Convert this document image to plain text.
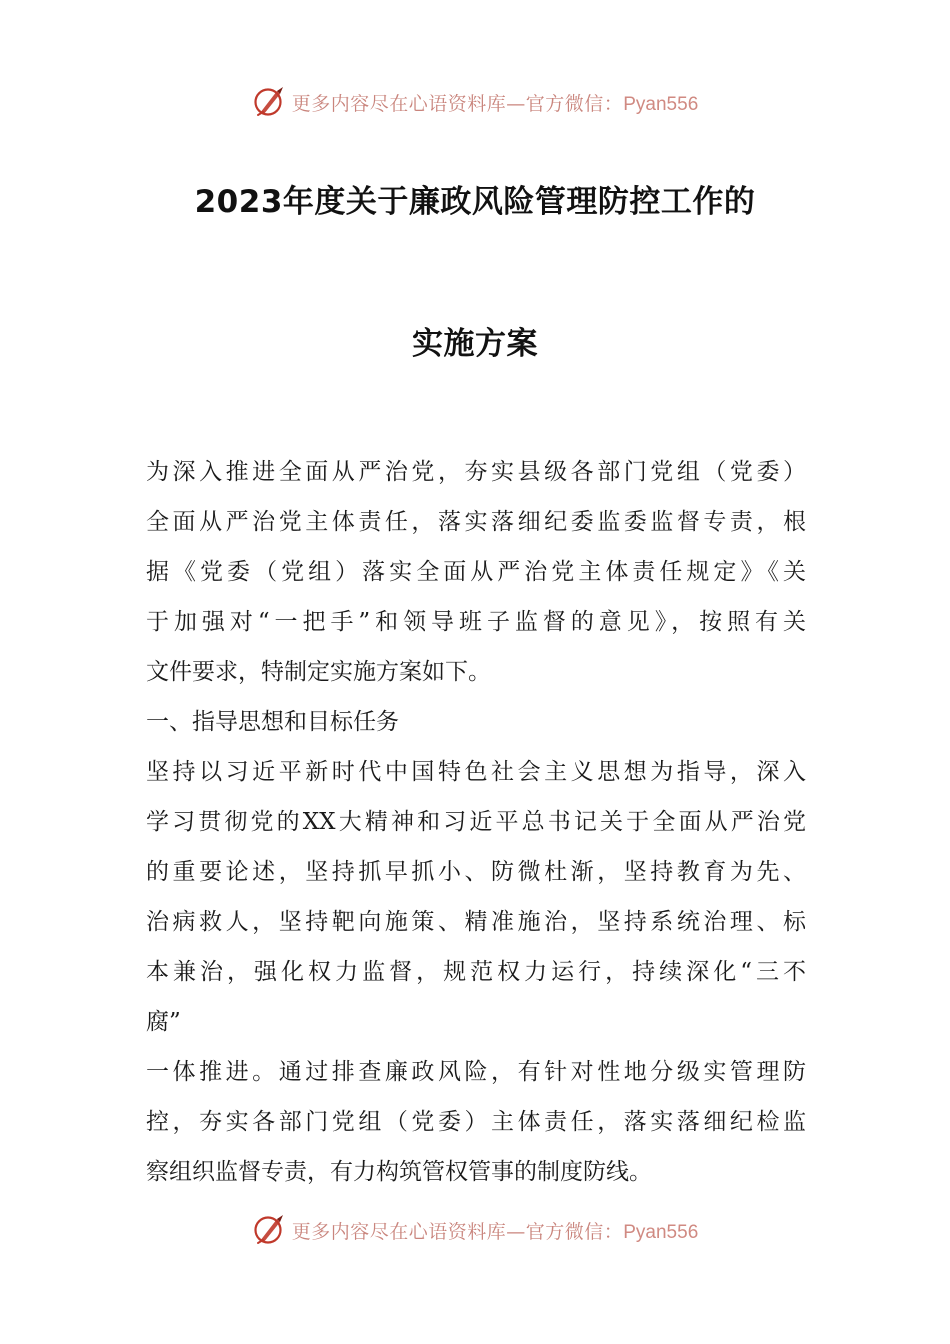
更多内容尽在心语资料库—官方微信：Pyan556
2023年度关于廉政风险管理防控工作的
实施方案
为深入推进全面从严治党，夯实县级各部门党组（党委）
全面从严治党主体责任，落实落细纪委监委监督专责，根
据《党委（党组）落实全面从严治党主体责任规定》《关
于加强对“一把手”和领导班子监督的意见》，按照有关
文件要求，特制定实施方案如下。
一、指导思想和目标任务
坚持以习近平新时代中国特色社会主义思想为指导，深入
学习贯彻党的XX大精神和习近平总书记关于全面从严治党
的重要论述，坚持抓早抓小、防微杜渐，坚持教育为先、
治病救人，坚持靶向施策、精准施治，坚持系统治理、标
本兼治，强化权力监督，规范权力运行，持续深化“三不
腐”
一体推进。通过排查廉政风险，有针对性地分级实管理防
控，夯实各部门党组（党委）主体责任，落实落细纪检监
察组织监督专责，有力构筑管权管事的制度防线。
更多内容尽在心语资料库—官方微信：Pyan556
